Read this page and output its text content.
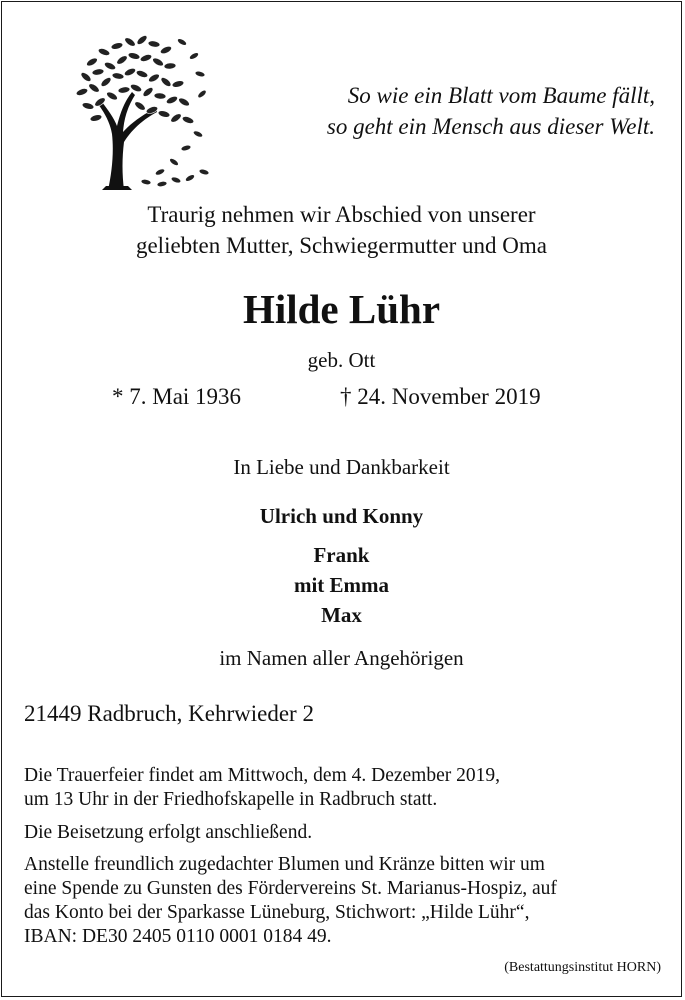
So wie ein Blatt vom Baume fällt,
so geht ein Mensch aus dieser Welt.
Traurig nehmen wir Abschied von unserer
geliebten Mutter, Schwiegermutter und Oma
Hilde Lühr
geb. Ott
* 7. Mai 1936	† 24. November 2019
In Liebe und Dankbarkeit
Ulrich und Konny
Frank
mit Emma
Max
im Namen aller Angehörigen
21449 Radbruch, Kehrwieder 2
Die Trauerfeier findet am Mittwoch, dem 4. Dezember 2019,
um 13 Uhr in der Friedhofskapelle in Radbruch statt.
Die Beisetzung erfolgt anschließend.
Anstelle freundlich zugedachter Blumen und Kränze bitten wir um
eine Spende zu Gunsten des Fördervereins St. Marianus-Hospiz, auf
das Konto bei der Sparkasse Lüneburg, Stichwort: „Hilde Lühr“,
IBAN: DE30 2405 0110 0001 0184 49.
(Bestattungsinstitut HORN)
